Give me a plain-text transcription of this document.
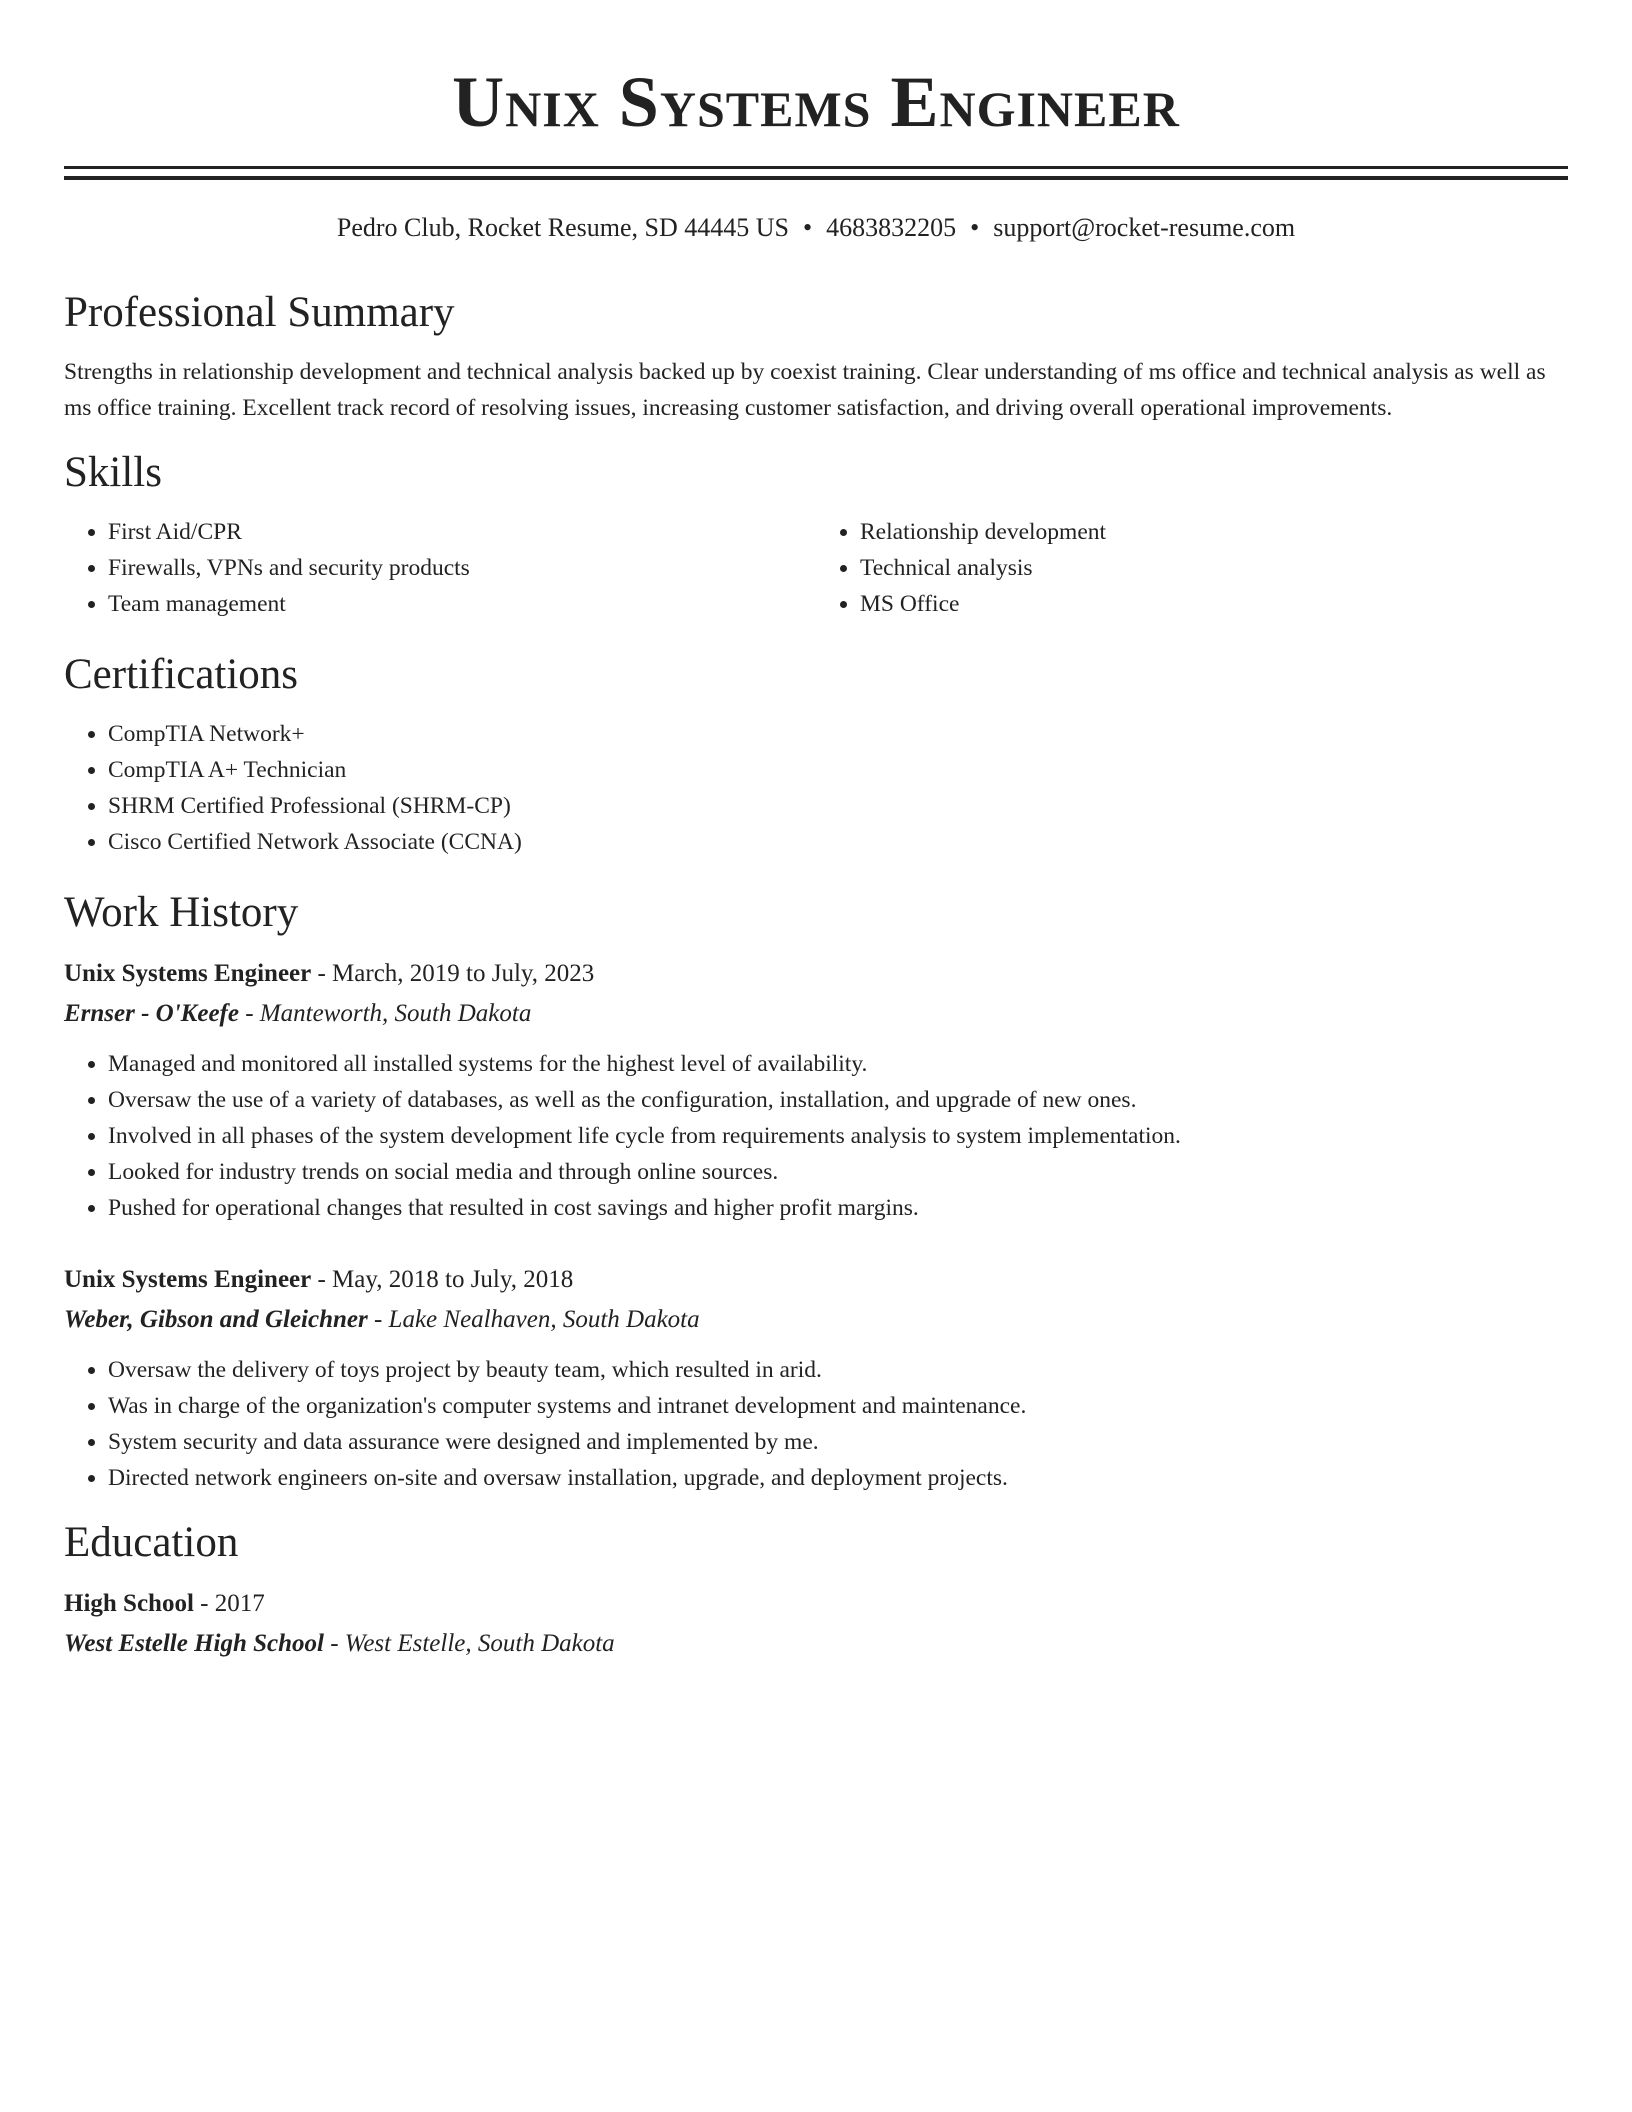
Unix Systems Engineer
Pedro Club, Rocket Resume, SD 44445 US • 4683832205 • support@rocket-resume.com
Professional Summary
Strengths in relationship development and technical analysis backed up by coexist training. Clear understanding of ms office and technical analysis as well as ms office training. Excellent track record of resolving issues, increasing customer satisfaction, and driving overall operational improvements.
Skills
• First Aid/CPR
• Firewalls, VPNs and security products
• Team management
• Relationship development
• Technical analysis
• MS Office
Certifications
• CompTIA Network+
• CompTIA A+ Technician
• SHRM Certified Professional (SHRM-CP)
• Cisco Certified Network Associate (CCNA)
Work History
Unix Systems Engineer - March, 2019 to July, 2023
Ernser - O'Keefe - Manteworth, South Dakota
• Managed and monitored all installed systems for the highest level of availability.
• Oversaw the use of a variety of databases, as well as the configuration, installation, and upgrade of new ones.
• Involved in all phases of the system development life cycle from requirements analysis to system implementation.
• Looked for industry trends on social media and through online sources.
• Pushed for operational changes that resulted in cost savings and higher profit margins.
Unix Systems Engineer - May, 2018 to July, 2018
Weber, Gibson and Gleichner - Lake Nealhaven, South Dakota
• Oversaw the delivery of toys project by beauty team, which resulted in arid.
• Was in charge of the organization's computer systems and intranet development and maintenance.
• System security and data assurance were designed and implemented by me.
• Directed network engineers on-site and oversaw installation, upgrade, and deployment projects.
Education
High School - 2017
West Estelle High School - West Estelle, South Dakota
